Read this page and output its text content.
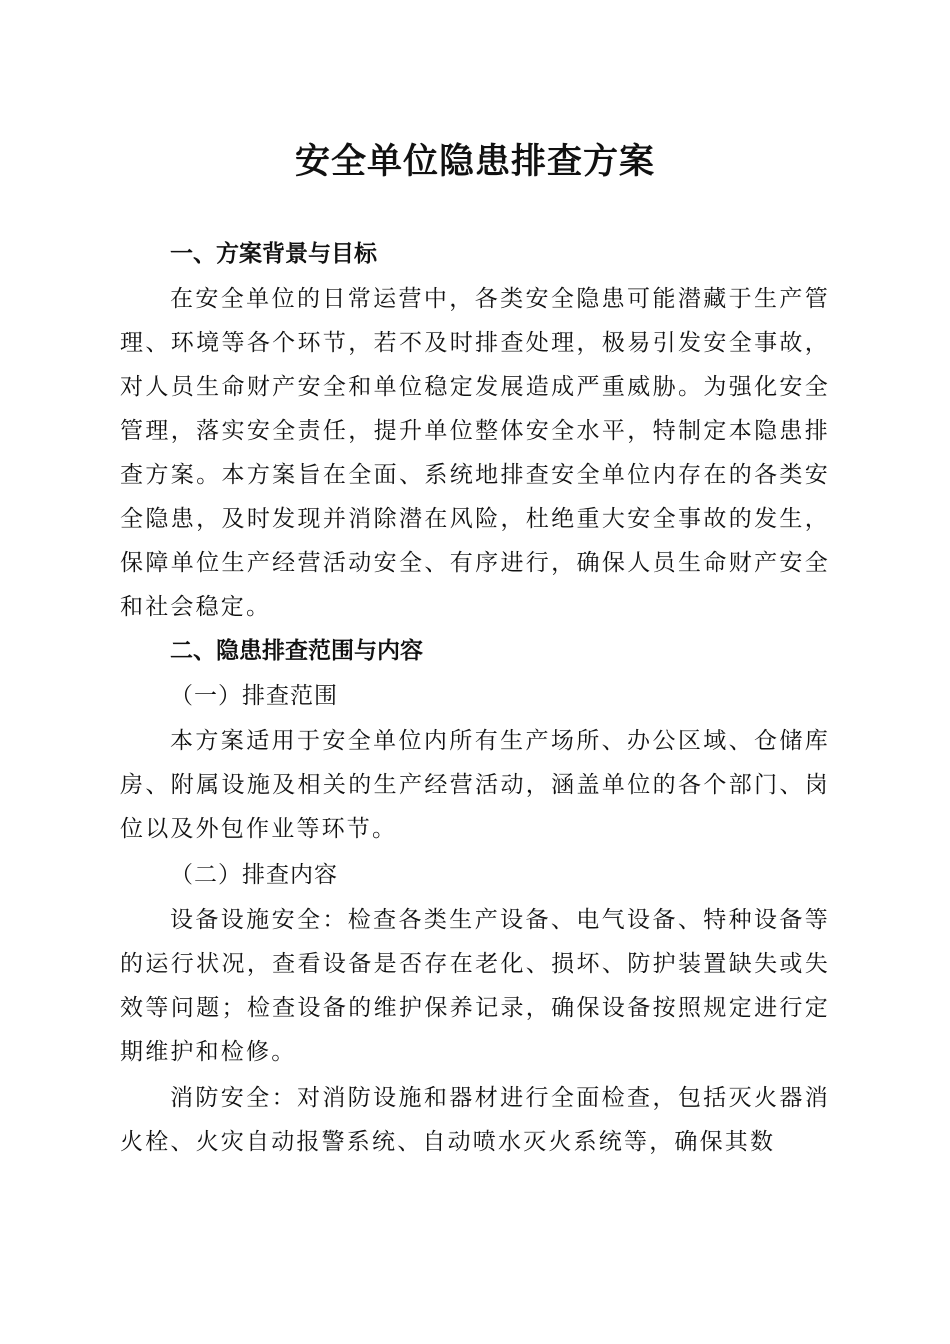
安全单位隐患排查方案

一、方案背景与目标

在安全单位的日常运营中，各类安全隐患可能潜藏于生产管理、环境等各个环节，若不及时排查处理，极易引发安全事故，对人员生命财产安全和单位稳定发展造成严重威胁。为强化安全管理，落实安全责任，提升单位整体安全水平，特制定本隐患排查方案。本方案旨在全面、系统地排查安全单位内存在的各类安全隐患，及时发现并消除潜在风险，杜绝重大安全事故的发生，保障单位生产经营活动安全、有序进行，确保人员生命财产安全和社会稳定。

二、隐患排查范围与内容

（一）排查范围

本方案适用于安全单位内所有生产场所、办公区域、仓储库房、附属设施及相关的生产经营活动，涵盖单位的各个部门、岗位以及外包作业等环节。

（二）排查内容

设备设施安全：检查各类生产设备、电气设备、特种设备等的运行状况，查看设备是否存在老化、损坏、防护装置缺失或失效等问题；检查设备的维护保养记录，确保设备按照规定进行定期维护和检修。

消防安全：对消防设施和器材进行全面检查，包括灭火器消火栓、火灾自动报警系统、自动喷水灭火系统等，确保其数
